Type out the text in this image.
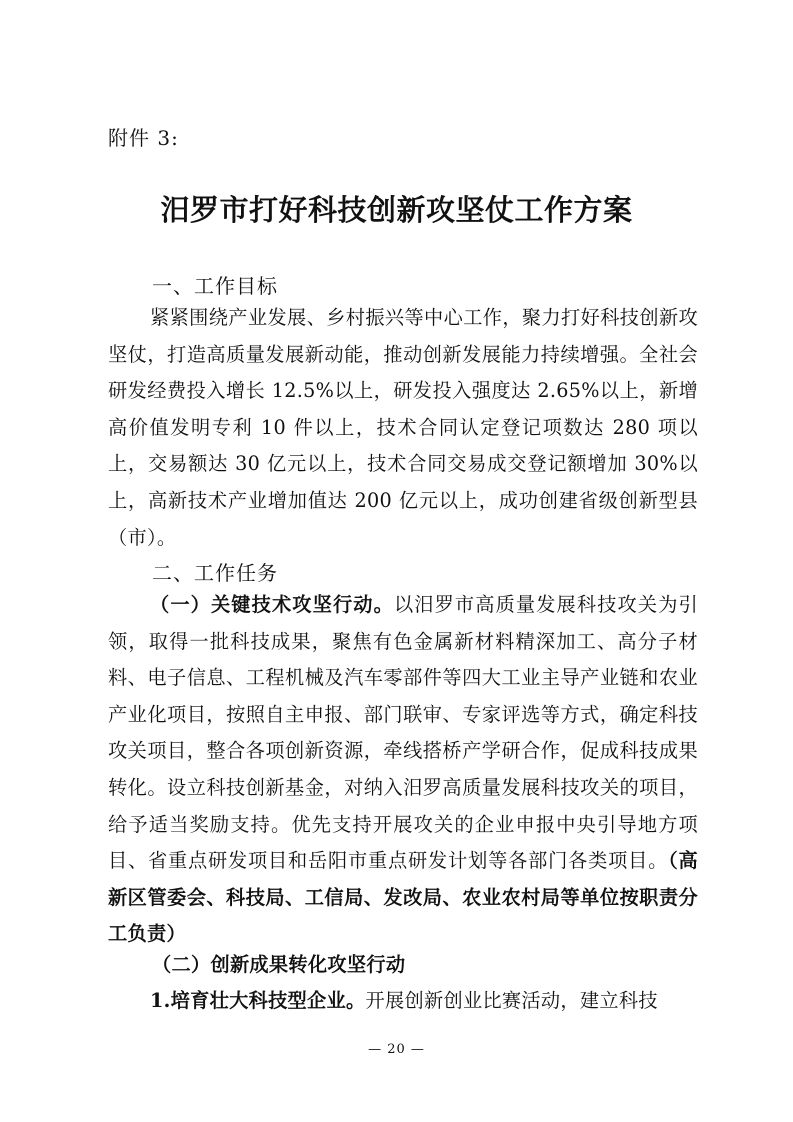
附件 3:
汨罗市打好科技创新攻坚仗工作方案
一、工作目标
紧紧围绕产业发展、乡村振兴等中心工作，聚力打好科技创新攻坚仗，打造高质量发展新动能，推动创新发展能力持续增强。全社会研发经费投入增长 12.5%以上，研发投入强度达 2.65%以上，新增高价值发明专利 10 件以上，技术合同认定登记项数达 280 项以上，交易额达 30 亿元以上，技术合同交易成交登记额增加 30%以上，高新技术产业增加值达 200 亿元以上，成功创建省级创新型县（市）。
二、工作任务
（一）关键技术攻坚行动。以汨罗市高质量发展科技攻关为引领，取得一批科技成果，聚焦有色金属新材料精深加工、高分子材料、电子信息、工程机械及汽车零部件等四大工业主导产业链和农业产业化项目，按照自主申报、部门联审、专家评选等方式，确定科技攻关项目，整合各项创新资源，牵线搭桥产学研合作，促成科技成果转化。设立科技创新基金，对纳入汨罗高质量发展科技攻关的项目，给予适当奖励支持。优先支持开展攻关的企业申报中央引导地方项目、省重点研发项目和岳阳市重点研发计划等各部门各类项目。（高新区管委会、科技局、工信局、发改局、农业农村局等单位按职责分工负责）
（二）创新成果转化攻坚行动
1.培育壮大科技型企业。开展创新创业比赛活动，建立科技
— 20 —
